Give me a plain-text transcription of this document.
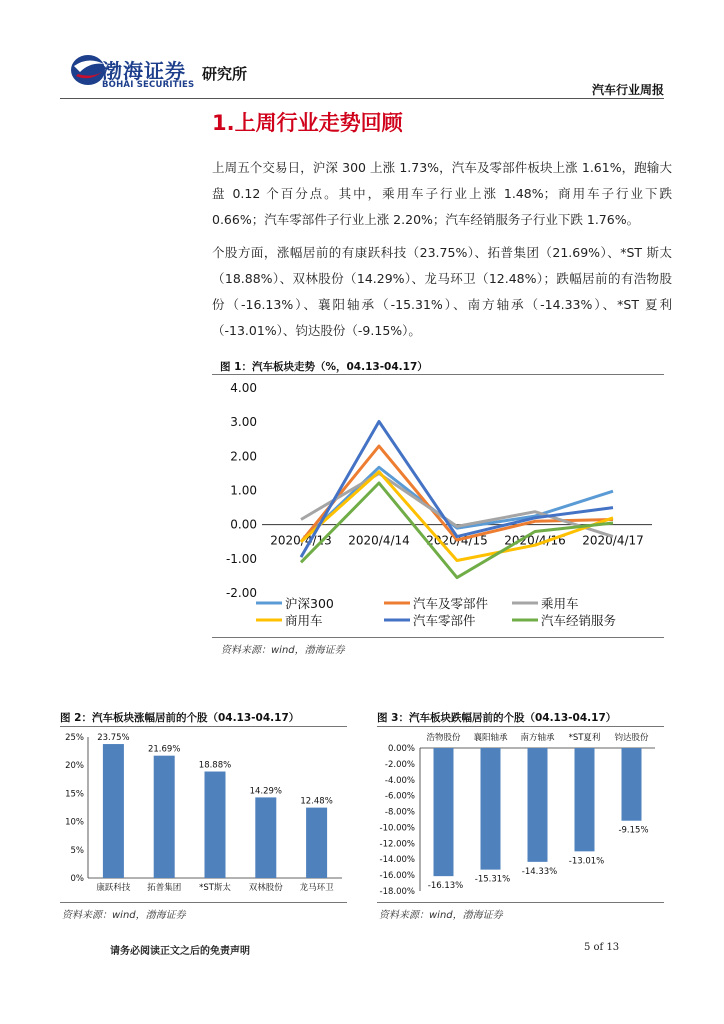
渤海证券
BOHAI SECURITIES
研究所
汽车行业周报
1.上周行业走势回顾
上周五个交易日，沪深 300 上涨 1.73%，汽车及零部件板块上涨 1.61%，跑输大盘 0.12 个百分点。其中，乘用车子行业上涨 1.48%；商用车子行业下跌 0.66%；汽车零部件子行业上涨 2.20%；汽车经销服务子行业下跌 1.76%。
个股方面，涨幅居前的有康跃科技（23.75%）、拓普集团（21.69%）、*ST 斯太（18.88%）、双林股份（14.29%）、龙马环卫（12.48%）；跌幅居前的有浩物股份（-16.13%）、襄阳轴承（-15.31%）、南方轴承（-14.33%）、*ST 夏利（-13.01%）、钧达股份（-9.15%）。
图 1：汽车板块走势（%，04.13-04.17）
-2.00
-1.00
0.00
1.00
2.00
3.00
4.00
2020/4/13 2020/4/14 2020/4/15 2020/4/16 2020/4/17
沪深300	汽车及零部件	乘用车
商用车	汽车零部件	汽车经销服务
资料来源：wind，渤海证券
图 2：汽车板块涨幅居前的个股（04.13-04.17）
0%
5%
10%
15%
20%
25% 23.75%
康跃科技
21.69%
拓普集团
18.88%
*ST斯太
14.29%
双林股份
12.48%
龙马环卫
资料来源：wind，渤海证券
图 3：汽车板块跌幅居前的个股（04.13-04.17）
0.00%
-2.00%
-4.00%
-6.00%
-8.00%
-10.00%
-12.00%
-14.00%
-16.00%
-18.00%
浩物股份
-16.13%
襄阳轴承
-15.31%
南方轴承
-14.33%
*ST夏利
-13.01%
钧达股份
-9.15%
资料来源：wind，渤海证券
请务必阅读正文之后的免责声明	5 of 13
